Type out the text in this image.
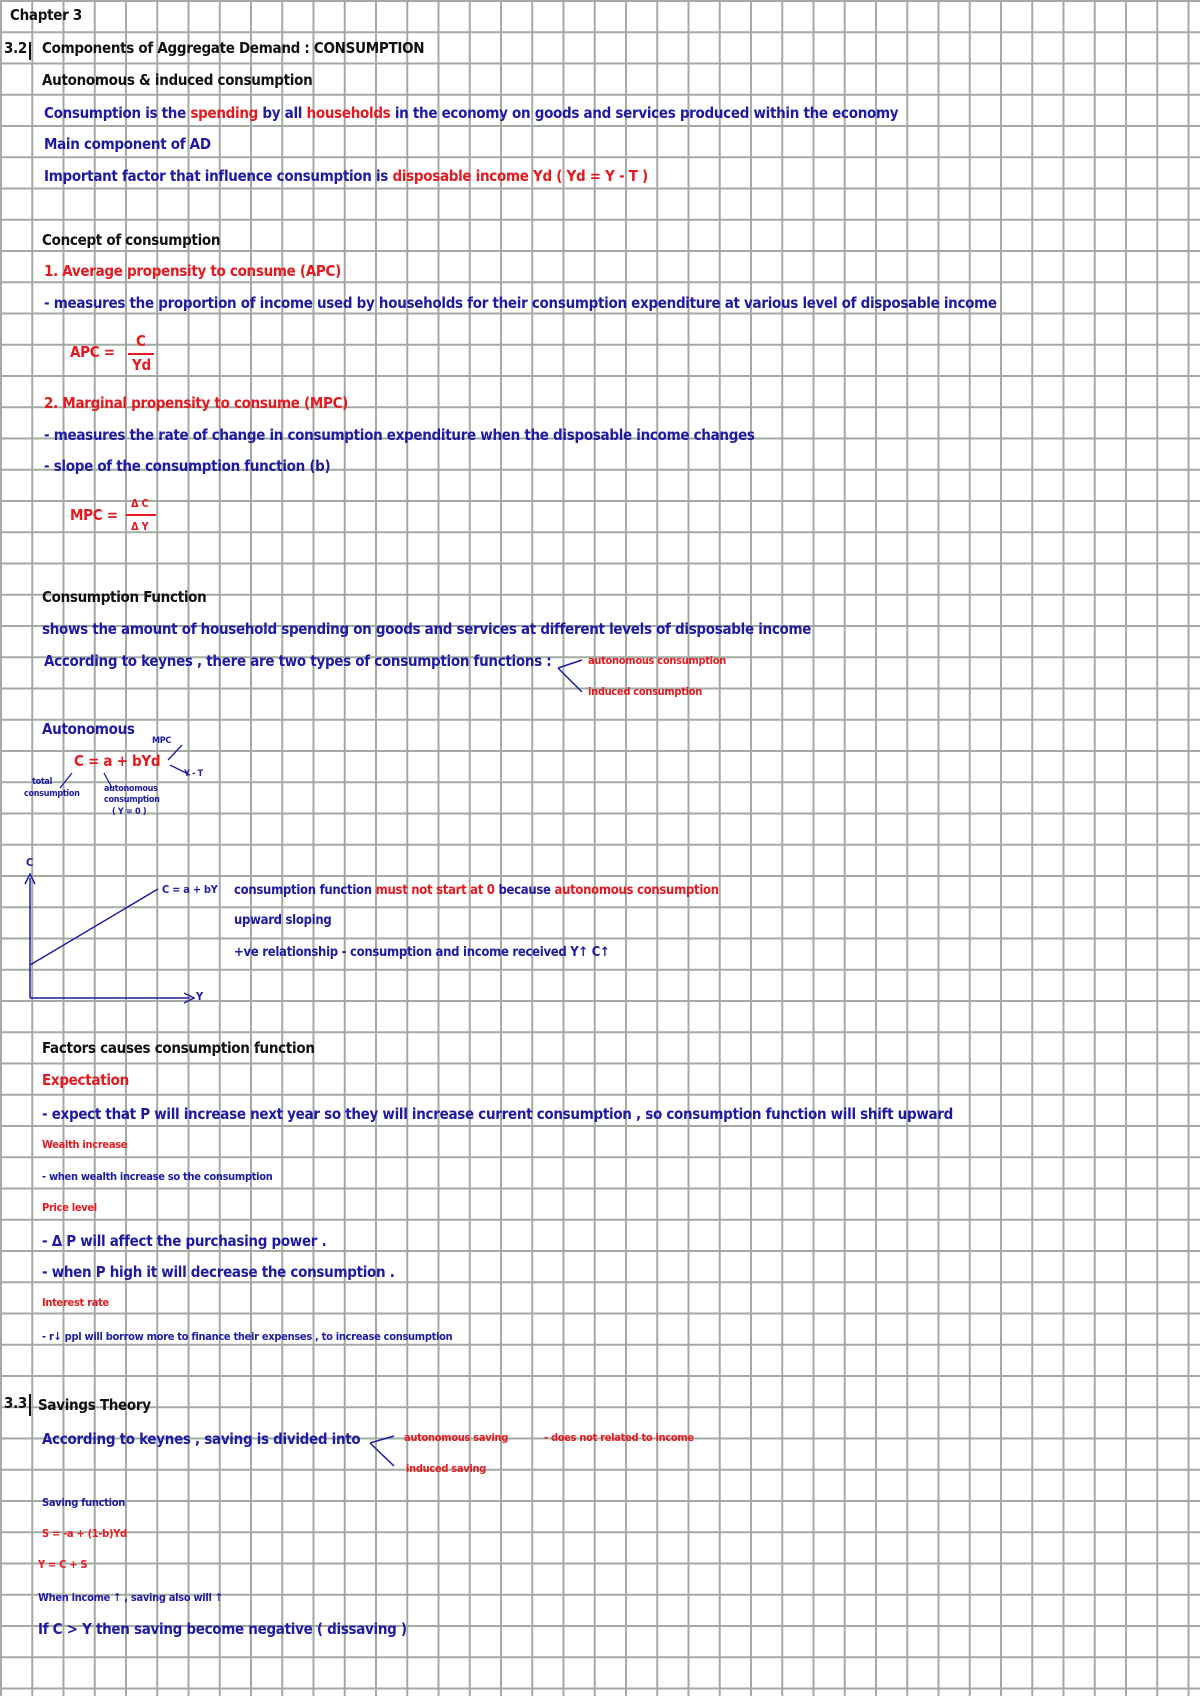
Chapter 3
3.2 Components of Aggregate Demand : CONSUMPTION
Autonomous & induced consumption
Consumption is the spending by all households in the economy on goods and services produced within the economy
Main component of AD
Important factor that influence consumption is disposable income Yd ( Yd = Y - T )
Concept of consumption
1. Average propensity to consume (APC)
- measures the proportion of income used by households for their consumption expenditure at various level of disposable income
APC =
C
Yd
2. Marginal propensity to consume (MPC)
- measures the rate of change in consumption expenditure when the disposable income changes
- slope of the consumption function (b)
MPC =
Δ C
Δ Y
Consumption Function
shows the amount of household spending on goods and services at different levels of disposable income
According to keynes , there are two types of consumption functions :	autonomous consumption
induced consumption
Autonomous
MPC
C = a + bYd
Y - T
total
consumption	autonomous
consumption
( Y = 0 )
C
Y
C = a + bY consumption function must not start at 0 because autonomous consumption
upward sloping
+ve relationship - consumption and income received Y↑ C↑
Factors causes consumption function
Expectation
- expect that P will increase next year so they will increase current consumption , so consumption function will shift upward
Wealth increase
- when wealth increase so the consumption
Price level
- Δ P will affect the purchasing power .
- when P high it will decrease the consumption .
Interest rate
- r↓ ppl will borrow more to finance their expenses , to increase consumption
3.3 Savings Theory
According to keynes , saving is divided into	autonomous saving	- does not related to income
induced saving
Saving function
S = -a + (1-b)Yd
Y = C + S
When income ↑ , saving also will ↑
If C > Y then saving become negative ( dissaving )
